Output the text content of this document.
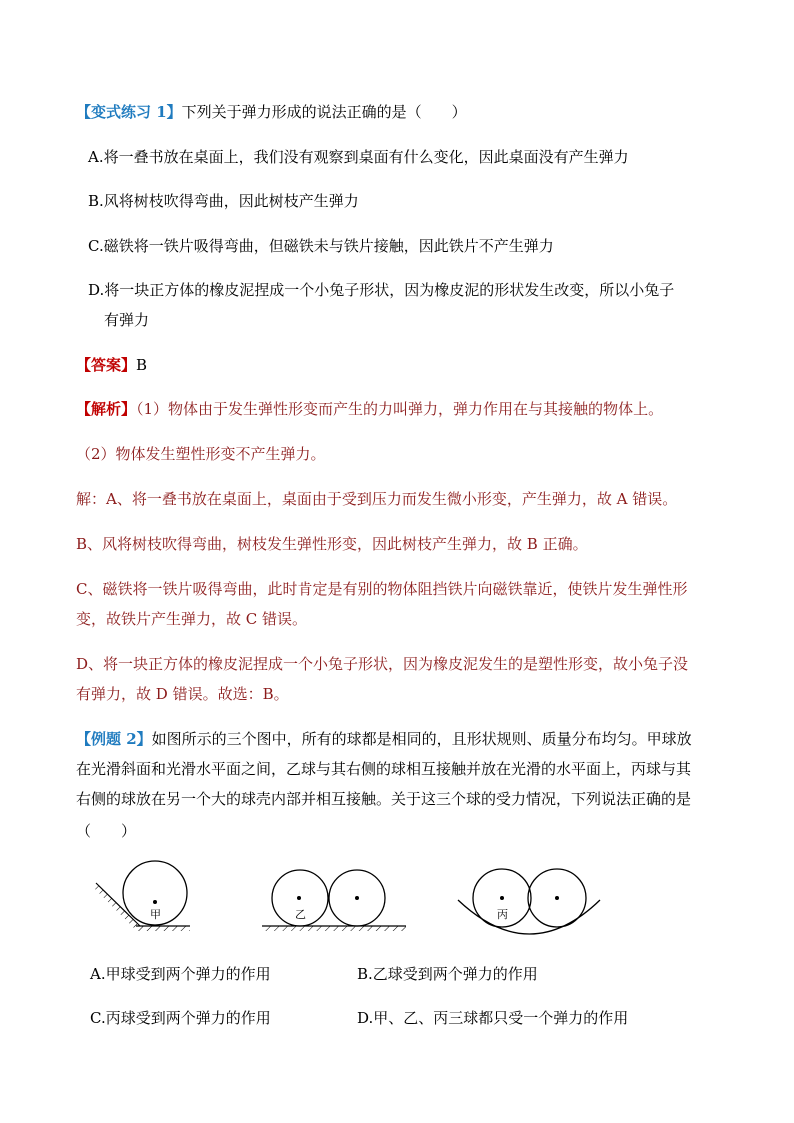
【变式练习 1】下列关于弹力形成的说法正确的是（　　）
A.将一叠书放在桌面上，我们没有观察到桌面有什么变化，因此桌面没有产生弹力
B.风将树枝吹得弯曲，因此树枝产生弹力
C.磁铁将一铁片吸得弯曲，但磁铁未与铁片接触，因此铁片不产生弹力
D.将一块正方体的橡皮泥捏成一个小兔子形状，因为橡皮泥的形状发生改变，所以小兔子
有弹力
【答案】B
【解析】（1）物体由于发生弹性形变而产生的力叫弹力，弹力作用在与其接触的物体上。
（2）物体发生塑性形变不产生弹力。
解：A、将一叠书放在桌面上，桌面由于受到压力而发生微小形变，产生弹力，故 A 错误。
B、风将树枝吹得弯曲，树枝发生弹性形变，因此树枝产生弹力，故 B 正确。
C、磁铁将一铁片吸得弯曲，此时肯定是有别的物体阻挡铁片向磁铁靠近，使铁片发生弹性形
变，故铁片产生弹力，故 C 错误。
D、将一块正方体的橡皮泥捏成一个小兔子形状，因为橡皮泥发生的是塑性形变，故小兔子没
有弹力，故 D 错误。故选：B。
【例题 2】如图所示的三个图中，所有的球都是相同的，且形状规则、质量分布均匀。甲球放
在光滑斜面和光滑水平面之间，乙球与其右侧的球相互接触并放在光滑的水平面上，丙球与其
右侧的球放在另一个大的球壳内部并相互接触。关于这三个球的受力情况，下列说法正确的是
（　　）
甲	乙	丙
A.甲球受到两个弹力的作用	B.乙球受到两个弹力的作用
C.丙球受到两个弹力的作用	D.甲、乙、丙三球都只受一个弹力的作用
